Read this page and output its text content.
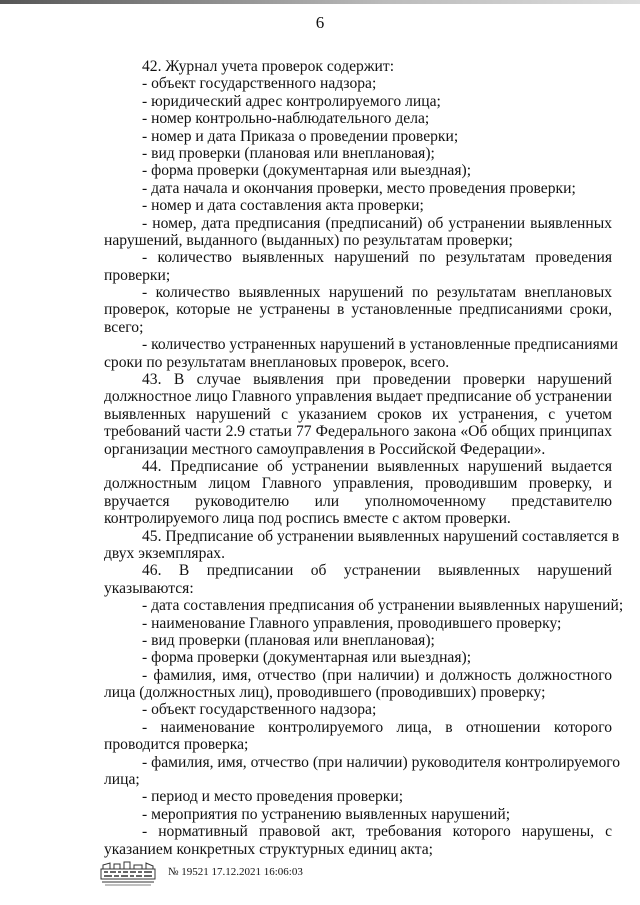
6
42. Журнал учета проверок содержит:
- объект государственного надзора;
- юридический адрес контролируемого лица;
- номер контрольно-наблюдательного дела;
- номер и дата Приказа о проведении проверки;
- вид проверки (плановая или внеплановая);
- форма проверки (документарная или выездная);
- дата начала и окончания проверки, место проведения проверки;
- номер и дата составления акта проверки;
- номер, дата предписания (предписаний) об устранении выявленных
нарушений, выданного (выданных) по результатам проверки;
- количество выявленных нарушений по результатам проведения
проверки;
- количество выявленных нарушений по результатам внеплановых
проверок, которые не устранены в установленные предписаниями сроки,
всего;
- количество устраненных нарушений в установленные предписаниями
сроки по результатам внеплановых проверок, всего.
43. В случае выявления при проведении проверки нарушений
должностное лицо Главного управления выдает предписание об устранении
выявленных нарушений с указанием сроков их устранения, с учетом
требований части 2.9 статьи 77 Федерального закона «Об общих принципах
организации местного самоуправления в Российской Федерации».
44. Предписание об устранении выявленных нарушений выдается
должностным лицом Главного управления, проводившим проверку, и
вручается руководителю или уполномоченному представителю
контролируемого лица под роспись вместе с актом проверки.
45. Предписание об устранении выявленных нарушений составляется в
двух экземплярах.
46. В предписании об устранении выявленных нарушений
указываются:
- дата составления предписания об устранении выявленных нарушений;
- наименование Главного управления, проводившего проверку;
- вид проверки (плановая или внеплановая);
- форма проверки (документарная или выездная);
- фамилия, имя, отчество (при наличии) и должность должностного
лица (должностных лиц), проводившего (проводивших) проверку;
- объект государственного надзора;
- наименование контролируемого лица, в отношении которого
проводится проверка;
- фамилия, имя, отчество (при наличии) руководителя контролируемого
лица;
- период и место проведения проверки;
- мероприятия по устранению выявленных нарушений;
- нормативный правовой акт, требования которого нарушены, с
указанием конкретных структурных единиц акта;
№ 19521 17.12.2021 16:06:03
